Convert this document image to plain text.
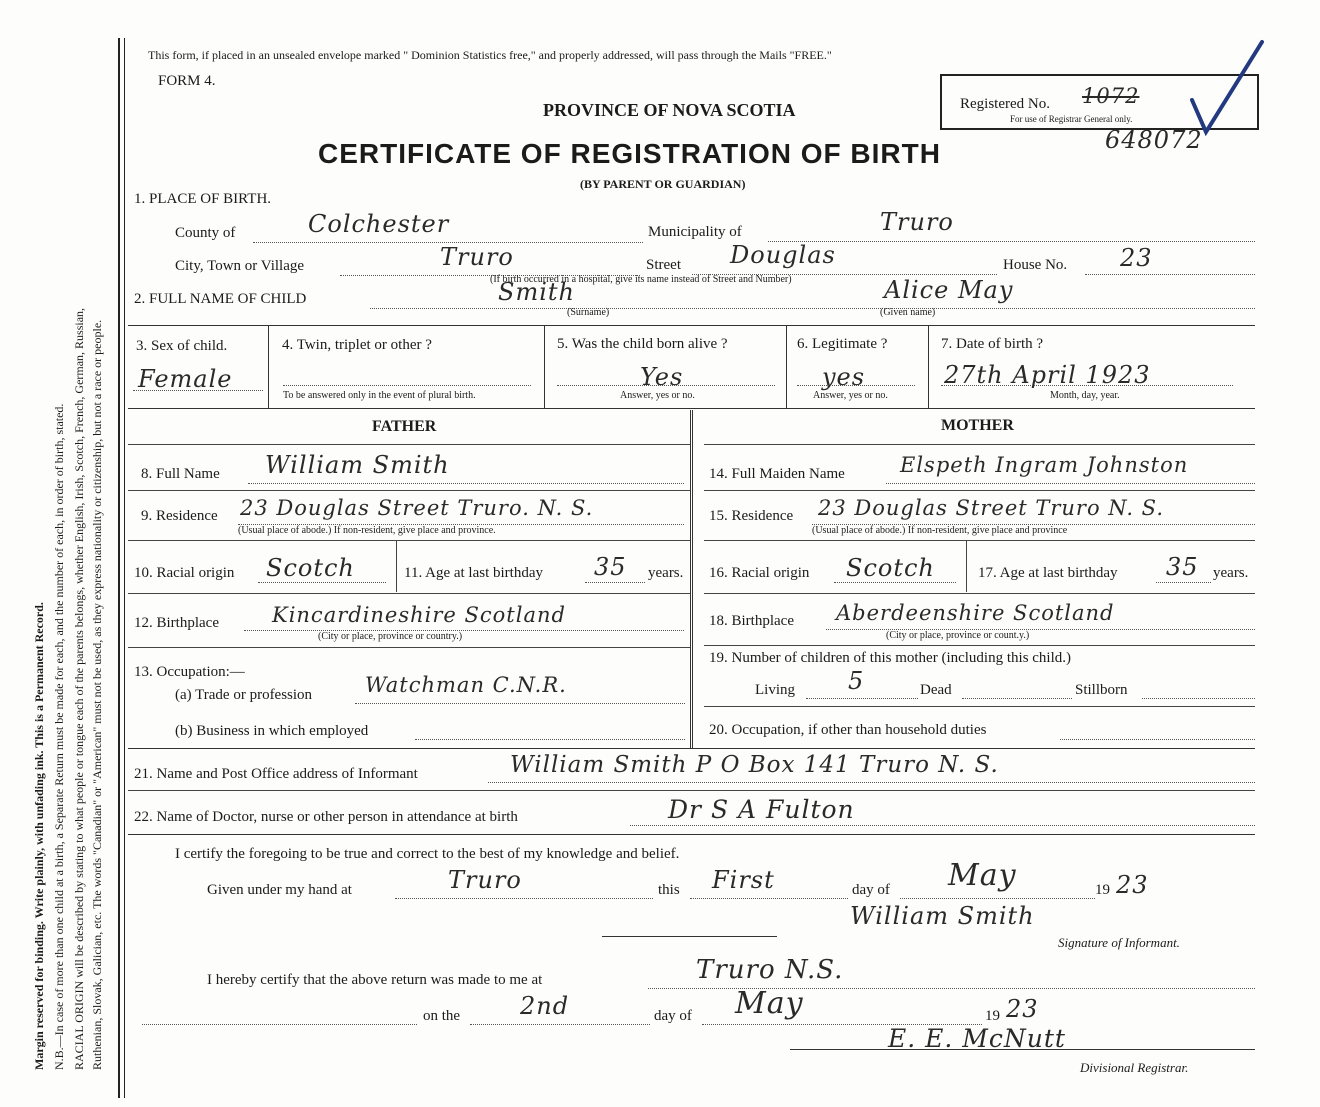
Margin reserved for binding. Write plainly, with unfading ink. This is a Permanent Record. N.B.—In case of more than one child at a birth, a Separate Return must be made for each, and the number of each, in order of birth, stated. RACIAL ORIGIN will be described by stating to what people or tongue each of the parents belongs, whether English, Irish, Scotch, French, German, Russian, Ruthenian, Slovak, Galician, etc. The words "Canadian" or "American" must not be used, as they express nationality or citizenship, but not a race or people.
This form, if placed in an unsealed envelope marked " Dominion Statistics free," and properly addressed, will pass through the Mails "FREE."
FORM 4.
PROVINCE OF NOVA SCOTIA
CERTIFICATE OF REGISTRATION OF BIRTH
(BY PARENT OR GUARDIAN)
Registered No. 1072
For use of Registrar General only.
648072
1. PLACE OF BIRTH.
County of	Colchester	Municipality of	Truro
City, Town or Village	Truro	Street Douglas	House No. 23
(If birth occurred in a hospital, give its name instead of Street and Number)
2. FULL NAME OF CHILD	Smith
(Surname)
Alice May
(Given name)
3. Sex of child.
Female
4. Twin, triplet or other ?
To be answered only in the event of plural birth.
5. Was the child born alive ?
Yes
Answer, yes or no.
6. Legitimate ?
yes
Answer, yes or no.
7. Date of birth ?
27th April 1923
Month, day, year.
FATHER	MOTHER
8. Full Name William Smith
9. Residence 23 Douglas Street Truro. N. S.
(Usual place of abode.) If non-resident, give place and province.
10. Racial origin Scotch	11. Age at last birthday 35 years.
12. Birthplace	Kincardineshire Scotland
(City or place, province or country.)
13. Occupation:—
(a) Trade or profession	Watchman C.N.R.
(b) Business in which employed
14. Full Maiden Name	Elspeth Ingram Johnston
15. Residence 23 Douglas Street Truro N. S.
(Usual place of abode.) If non-resident, give place and province
16. Racial origin Scotch	17. Age at last birthday 35 years.
18. Birthplace Aberdeenshire Scotland
(City or place, province or count.y.)
19. Number of children of this mother (including this child.)
Living 5	Dead	Stillborn
20. Occupation, if other than household duties
21. Name and Post Office address of Informant	William Smith P O Box 141 Truro N. S.
22. Name of Doctor, nurse or other person in attendance at birth	Dr S A Fulton
I certify the foregoing to be true and correct to the best of my knowledge and belief.
Given under my hand at	Truro	this First	day of May	19 23
William Smith
Signature of Informant.
I hereby certify that the above return was made to me at	Truro N.S.
on the 2nd	day of May	19 23
E. E. McNutt
Divisional Registrar.
